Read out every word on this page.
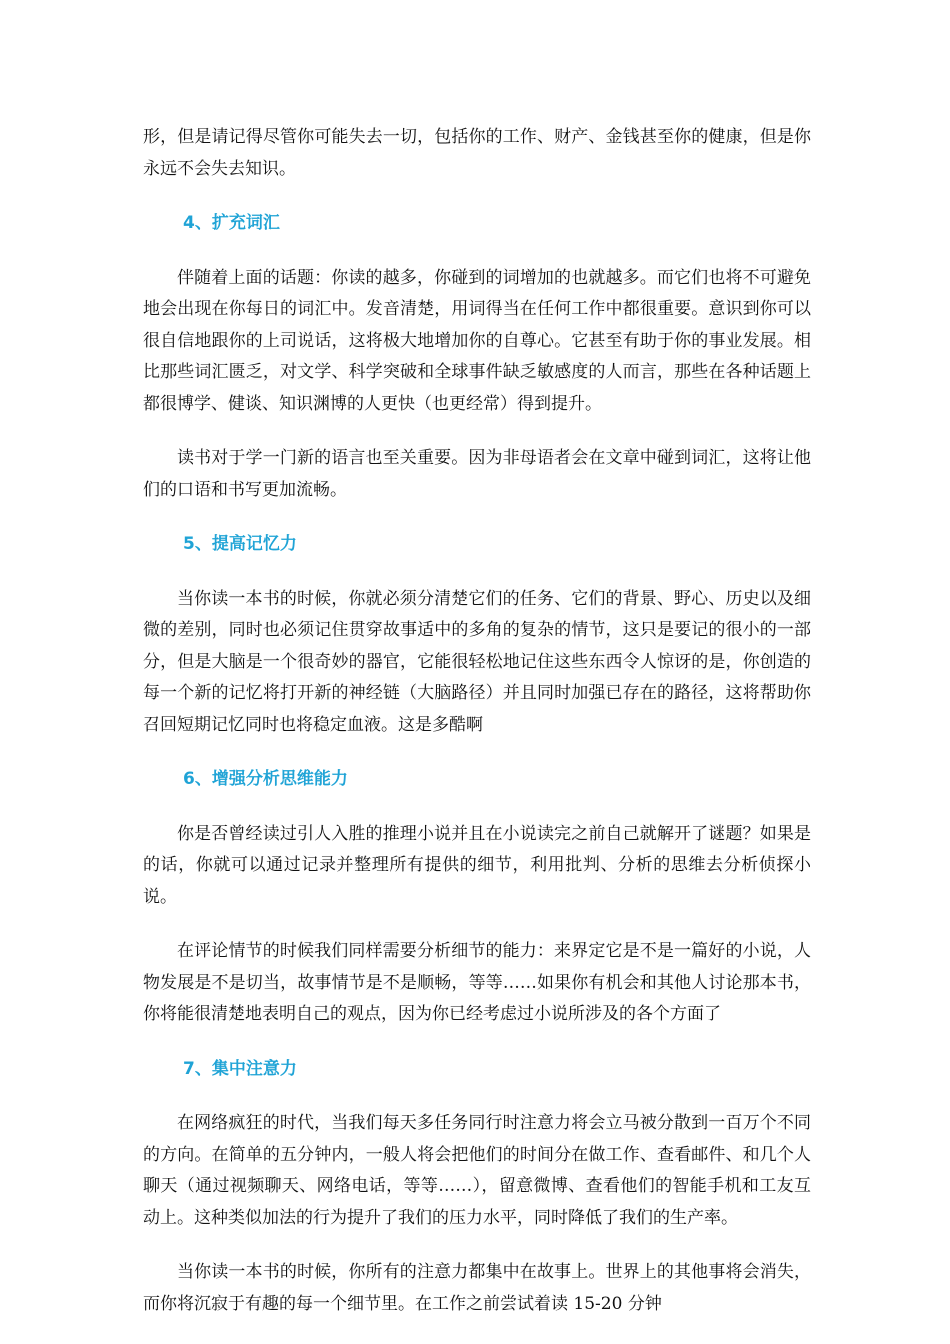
形，但是请记得尽管你可能失去一切，包括你的工作、财产、金钱甚至你的健康，但是你永远不会失去知识。

4、扩充词汇

伴随着上面的话题：你读的越多，你碰到的词增加的也就越多。而它们也将不可避免地会出现在你每日的词汇中。发音清楚，用词得当在任何工作中都很重要。意识到你可以很自信地跟你的上司说话，这将极大地增加你的自尊心。它甚至有助于你的事业发展。相比那些词汇匮乏，对文学、科学突破和全球事件缺乏敏感度的人而言，那些在各种话题上都很博学、健谈、知识渊博的人更快（也更经常）得到提升。

读书对于学一门新的语言也至关重要。因为非母语者会在文章中碰到词汇，这将让他们的口语和书写更加流畅。

5、提高记忆力

当你读一本书的时候，你就必须分清楚它们的任务、它们的背景、野心、历史以及细微的差别，同时也必须记住贯穿故事适中的多角的复杂的情节，这只是要记的很小的一部分，但是大脑是一个很奇妙的器官，它能很轻松地记住这些东西令人惊讶的是，你创造的每一个新的记忆将打开新的神经链（大脑路径）并且同时加强已存在的路径，这将帮助你召回短期记忆同时也将稳定血液。这是多酷啊

6、增强分析思维能力

你是否曾经读过引人入胜的推理小说并且在小说读完之前自己就解开了谜题？如果是的话，你就可以通过记录并整理所有提供的细节，利用批判、分析的思维去分析侦探小说。

在评论情节的时候我们同样需要分析细节的能力：来界定它是不是一篇好的小说，人物发展是不是切当，故事情节是不是顺畅，等等……如果你有机会和其他人讨论那本书，你将能很清楚地表明自己的观点，因为你已经考虑过小说所涉及的各个方面了

7、集中注意力

在网络疯狂的时代，当我们每天多任务同行时注意力将会立马被分散到一百万个不同的方向。在简单的五分钟内，一般人将会把他们的时间分在做工作、查看邮件、和几个人聊天（通过视频聊天、网络电话，等等……），留意微博、查看他们的智能手机和工友互动上。这种类似加法的行为提升了我们的压力水平，同时降低了我们的生产率。

当你读一本书的时候，你所有的注意力都集中在故事上。世界上的其他事将会消失，而你将沉寂于有趣的每一个细节里。在工作之前尝试着读 15-20 分钟
